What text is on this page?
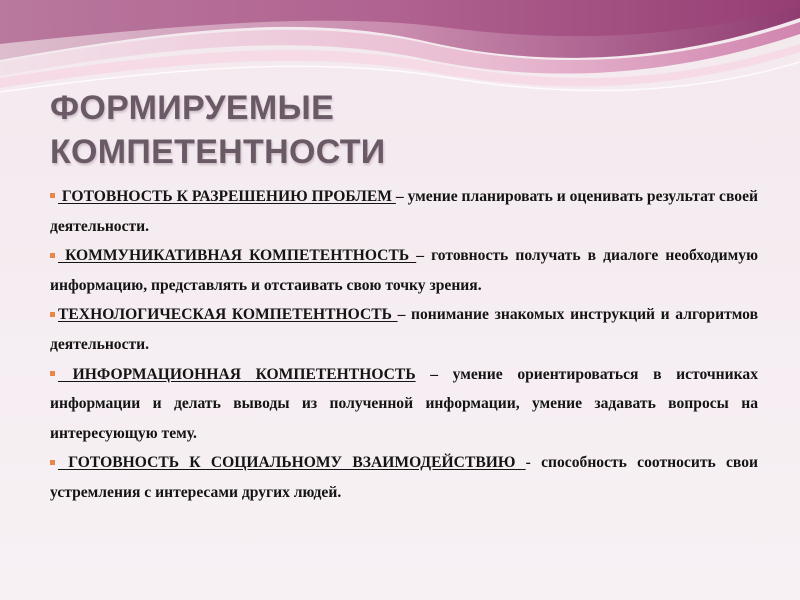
ФОРМИРУЕМЫЕ
КОМПЕТЕНТНОСТИ

ГОТОВНОСТЬ К РАЗРЕШЕНИЮ ПРОБЛЕМ – умение планировать и оценивать результат своей деятельности.

КОММУНИКАТИВНАЯ КОМПЕТЕНТНОСТЬ – готовность получать в диалоге необходимую информацию, представлять и отстаивать свою точку зрения.

ТЕХНОЛОГИЧЕСКАЯ КОМПЕТЕНТНОСТЬ – понимание знакомых инструкций и алгоритмов деятельности.

ИНФОРМАЦИОННАЯ КОМПЕТЕНТНОСТЬ – умение ориентироваться в источниках информации и делать выводы из полученной информации, умение задавать вопросы на интересующую тему.

ГОТОВНОСТЬ К СОЦИАЛЬНОМУ ВЗАИМОДЕЙСТВИЮ - способность соотносить свои устремления с интересами других людей.
